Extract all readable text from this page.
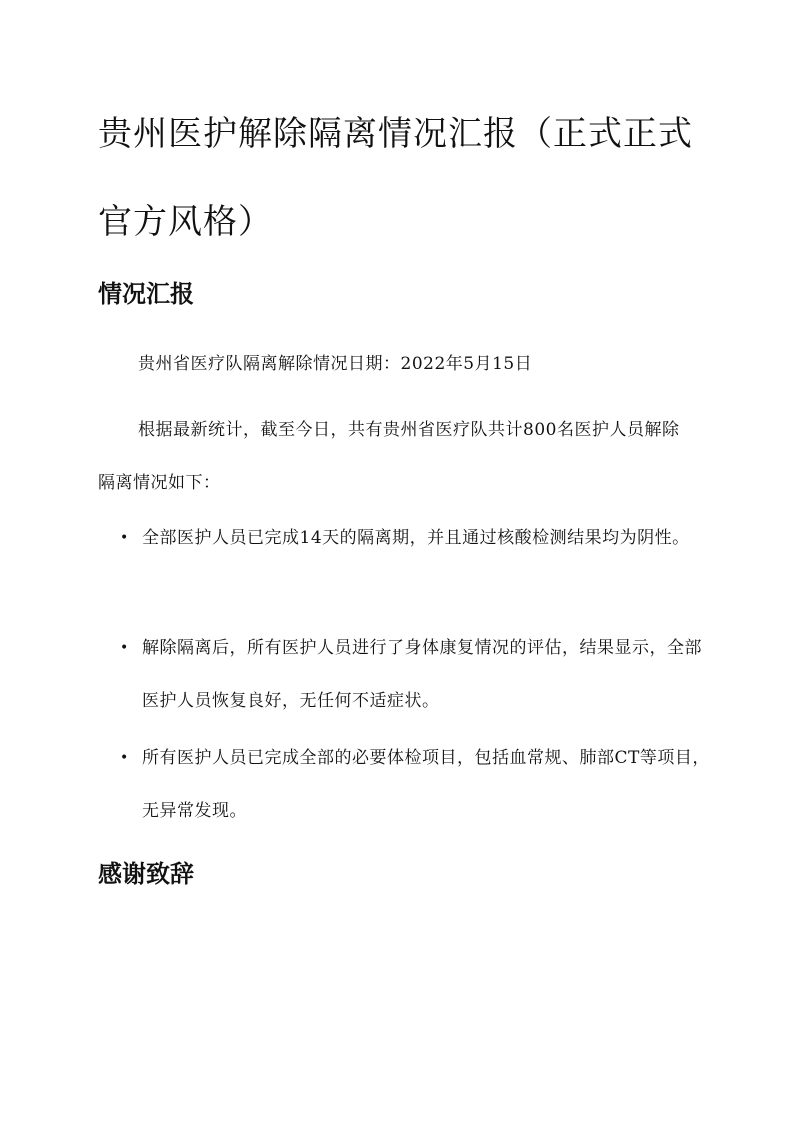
贵州医护解除隔离情况汇报（正式正式官方风格）
情况汇报

贵州省医疗队隔离解除情况日期：2022年5月15日

根据最新统计，截至今日，共有贵州省医疗队共计800名医护人员解除隔离情况如下：

• 全部医护人员已完成14天的隔离期，并且通过核酸检测结果均为阴性。
• 解除隔离后，所有医护人员进行了身体康复情况的评估，结果显示，全部医护人员恢复良好，无任何不适症状。
• 所有医护人员已完成全部的必要体检项目，包括血常规、肺部CT等项目，无异常发现。
感谢致辞
